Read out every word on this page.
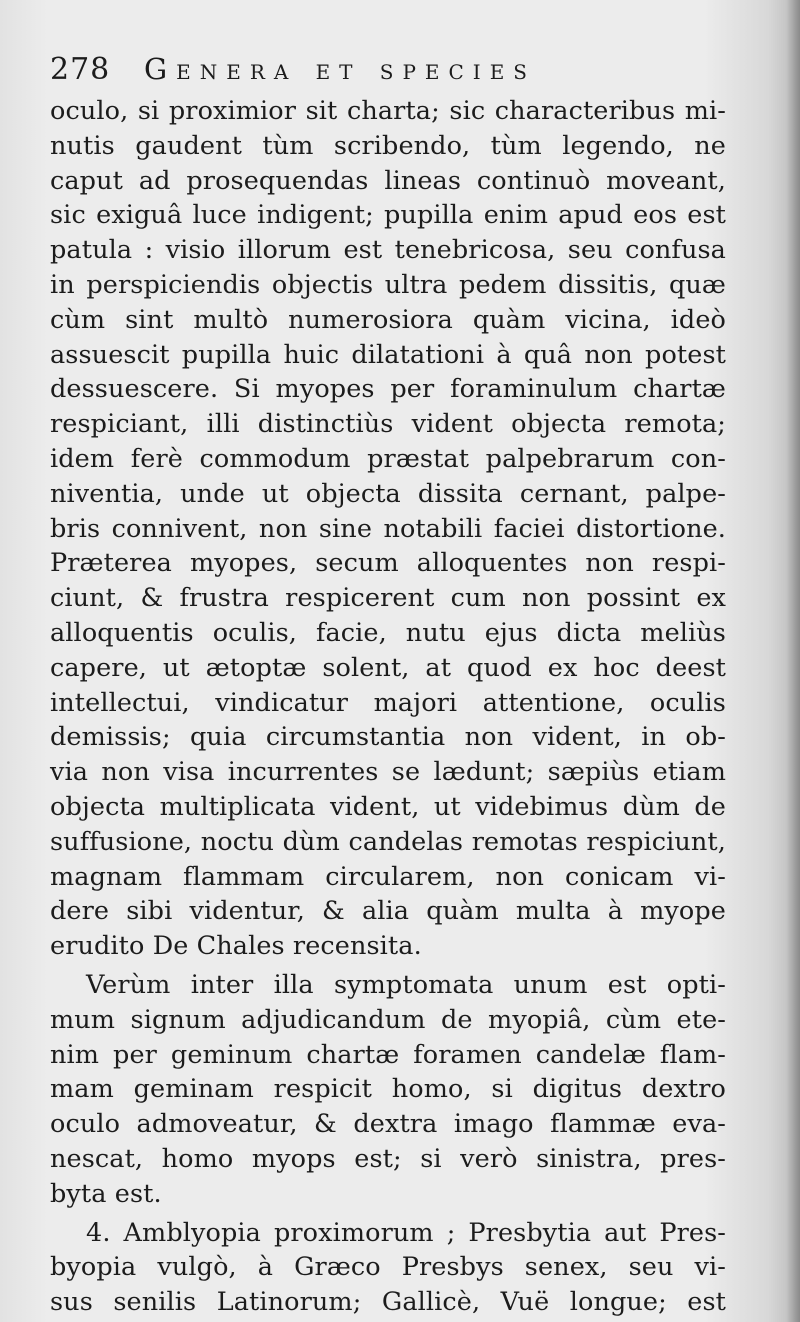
278 Genera et species
oculo, si proximior sit charta; sic characteribus mi-
nutis gaudent tùm scribendo, tùm legendo, ne
caput ad prosequendas lineas continuò moveant,
sic exiguâ luce indigent; pupilla enim apud eos est
patula : visio illorum est tenebricosa, seu confusa
in perspiciendis objectis ultra pedem dissitis, quæ
cùm sint multò numerosiora quàm vicina, ideò
assuescit pupilla huic dilatationi à quâ non potest
dessuescere. Si myopes per foraminulum chartæ
respiciant, illi distinctiùs vident objecta remota;
idem ferè commodum præstat palpebrarum con-
niventia, unde ut objecta dissita cernant, palpe-
bris connivent, non sine notabili faciei distortione.
Præterea myopes, secum alloquentes non respi-
ciunt, & frustra respicerent cum non possint ex
alloquentis oculis, facie, nutu ejus dicta meliùs
capere, ut ætoptæ solent, at quod ex hoc deest
intellectui, vindicatur majori attentione, oculis
demissis; quia circumstantia non vident, in ob-
via non visa incurrentes se lædunt; sæpiùs etiam
objecta multiplicata vident, ut videbimus dùm de
suffusione, noctu dùm candelas remotas respiciunt,
magnam flammam circularem, non conicam vi-
dere sibi videntur, & alia quàm multa à myope
erudito De Chales recensita.
Verùm inter illa symptomata unum est opti-
mum signum adjudicandum de myopiâ, cùm ete-
nim per geminum chartæ foramen candelæ flam-
mam geminam respicit homo, si digitus dextro
oculo admoveatur, & dextra imago flammæ eva-
nescat, homo myops est; si verò sinistra, pres-
byta est.
4. Amblyopia proximorum ; Presbytia aut Pres-
byopia vulgò, à Græco Presbys senex, seu vi-
sus senilis Latinorum; Gallicè, Vuë longue; est
